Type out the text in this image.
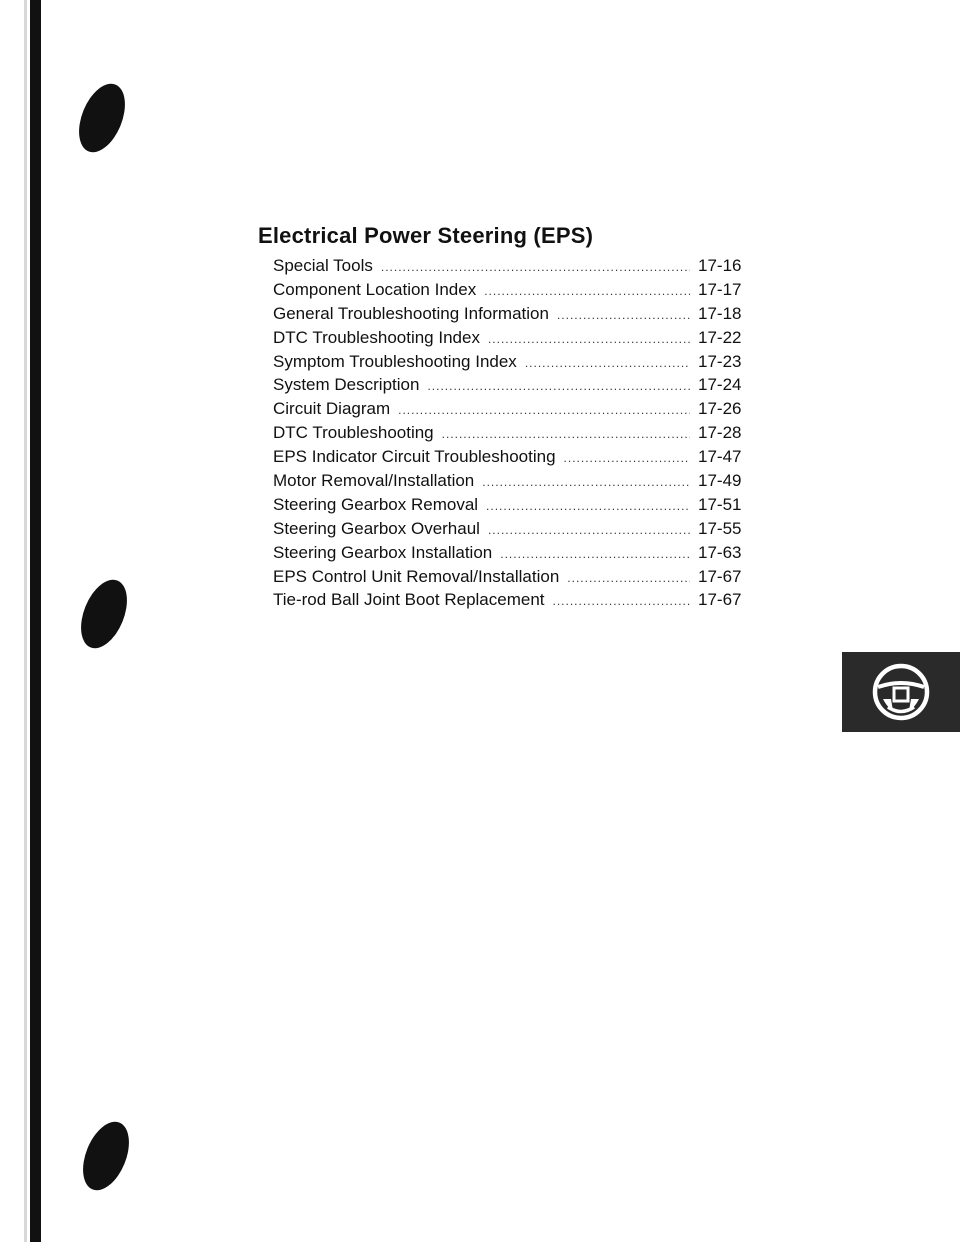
Electrical Power Steering (EPS)
Special Tools .....	17-16
Component Location Index .....	17-17
General Troubleshooting Information .....	17-18
DTC Troubleshooting Index .....	17-22
Symptom Troubleshooting Index .....	17-23
System Description .....	17-24
Circuit Diagram .....	17-26
DTC Troubleshooting .....	17-28
EPS Indicator Circuit Troubleshooting .....	17-47
Motor Removal/Installation .....	17-49
Steering Gearbox Removal .....	17-51
Steering Gearbox Overhaul .....	17-55
Steering Gearbox Installation .....	17-63
EPS Control Unit Removal/Installation .....	17-67
Tie-rod Ball Joint Boot Replacement .....	17-67
